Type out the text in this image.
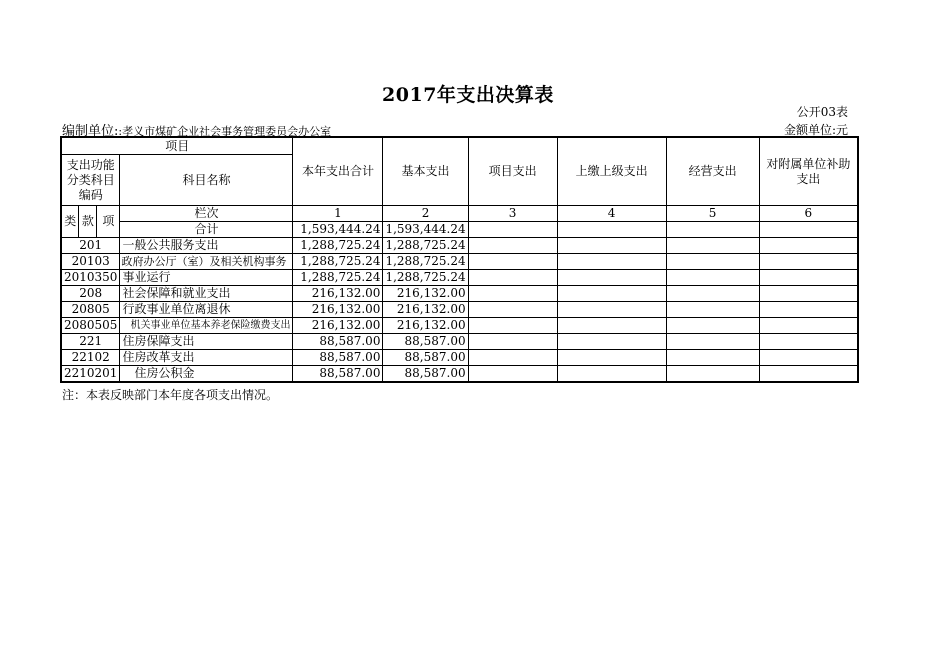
2017年支出决算表
公开03表
编制单位::孝义市煤矿企业社会事务管理委员会办公室	金额单位:元
项目				本年支出合计	基本支出	项目支出	上缴上级支出	经营支出	对附属单位补助支出
支出功能分类科目编码			科目名称						
类	款	项	栏次	1	2	3	4	5	6
			合计	1,593,444.24	1,593,444.24				
201			一般公共服务支出	1,288,725.24	1,288,725.24				
20103			政府办公厅（室）及相关机构事务	1,288,725.24	1,288,725.24				
2010350			事业运行	1,288,725.24	1,288,725.24				
208			社会保障和就业支出	216,132.00	216,132.00				
20805			行政事业单位离退休	216,132.00	216,132.00				
2080505			机关事业单位基本养老保险缴费支出	216,132.00	216,132.00				
221			住房保障支出	88,587.00	88,587.00				
22102			住房改革支出	88,587.00	88,587.00				
2210201			住房公积金	88,587.00	88,587.00				
注：本表反映部门本年度各项支出情况。
